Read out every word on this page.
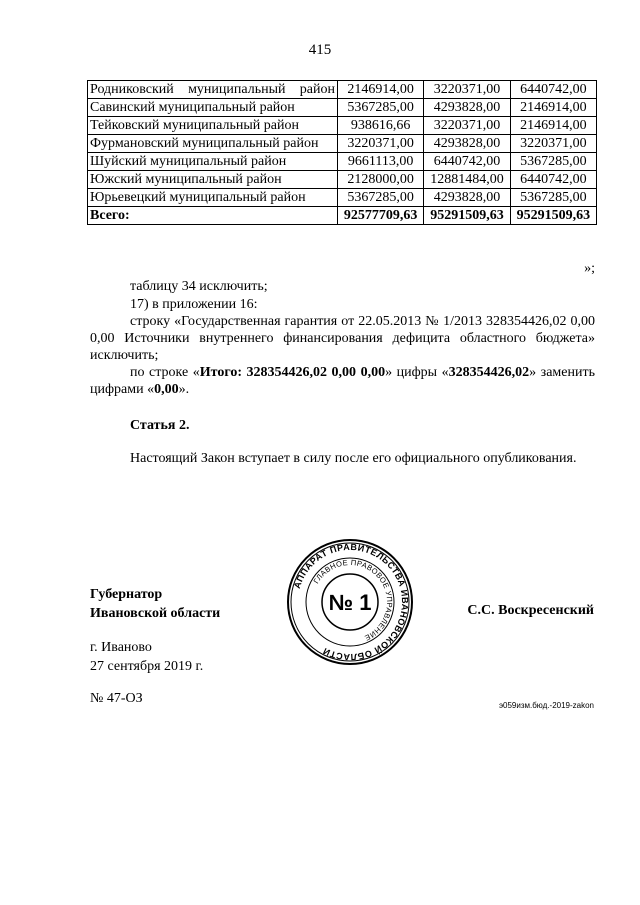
415
Родниковский муниципальный район	2146914,00	3220371,00	6440742,00
Савинский муниципальный район	5367285,00	4293828,00	2146914,00
Тейковский муниципальный район	938616,66	3220371,00	2146914,00

Фурмановский муниципальный район	3220371,00	4293828,00	3220371,00
Шуйский муниципальный район	9661113,00	6440742,00	5367285,00
Южский муниципальный район	2128000,00	12881484,00	6440742,00
Юрьевецкий муниципальный район	5367285,00	4293828,00	5367285,00
Всего:	92577709,63	95291509,63	95291509,63
»;
таблицу 34 исключить;
17) в приложении 16:
строку «Государственная гарантия от 22.05.2013 № 1/2013 328354426,02 0,00 0,00 Источники внутреннего финансирования дефицита областного бюджета» исключить;
по строке «Итого: 328354426,02 0,00 0,00» цифры «328354426,02» заменить цифрами «0,00».
Статья 2.
Настоящий Закон вступает в силу после его официального опубликования.
Губернатор
Ивановской области	С.С. Воскресенский
АППАРАТ ПРАВИТЕЛЬСТВА ИВАНОВСКОЙ ОБЛАСТИ
ГЛАВНОЕ ПРАВОВОЕ УПРАВЛЕНИЕ
№ 1
г. Иваново
27 сентября 2019 г.
№ 47-ОЗ	э059изм.бюд.-2019-zakon
